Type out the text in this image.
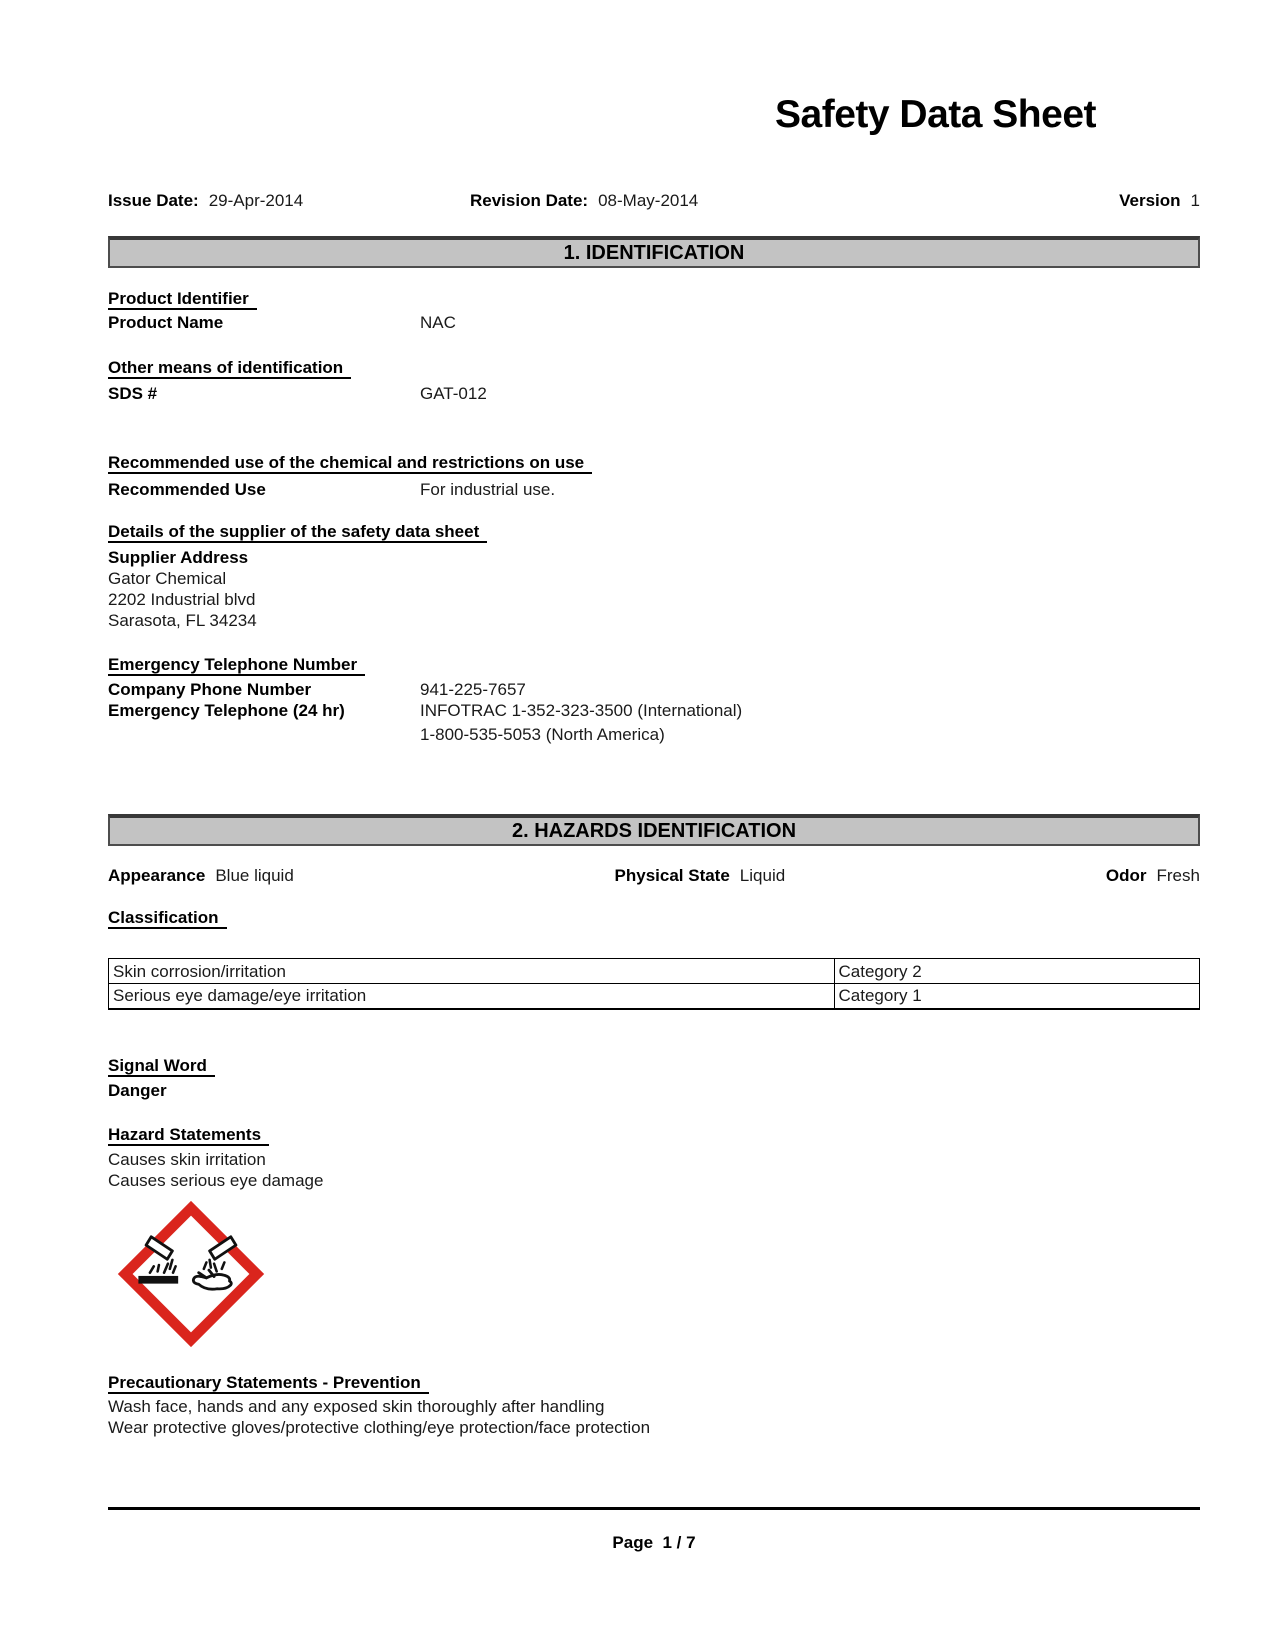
Safety Data Sheet
Issue Date: 29-Apr-2014	Revision Date: 08-May-2014	Version 1
1. IDENTIFICATION
Product Identifier
Product Name	NAC
Other means of identification
SDS #	GAT-012
Recommended use of the chemical and restrictions on use
Recommended Use	For industrial use.
Details of the supplier of the safety data sheet
Supplier Address
Gator Chemical
2202 Industrial blvd
Sarasota, FL 34234
Emergency Telephone Number
Company Phone Number	941-225-7657
Emergency Telephone (24 hr)	INFOTRAC 1-352-323-3500 (International)
1-800-535-5053 (North America)
2. HAZARDS IDENTIFICATION
Appearance Blue liquid	Physical State Liquid	Odor Fresh
Classification
Skin corrosion/irritation	Category 2
Serious eye damage/eye irritation	Category 1
Signal Word
Danger
Hazard Statements
Causes skin irritation
Causes serious eye damage
Precautionary Statements - Prevention
Wash face, hands and any exposed skin thoroughly after handling
Wear protective gloves/protective clothing/eye protection/face protection
Page  1 / 7
